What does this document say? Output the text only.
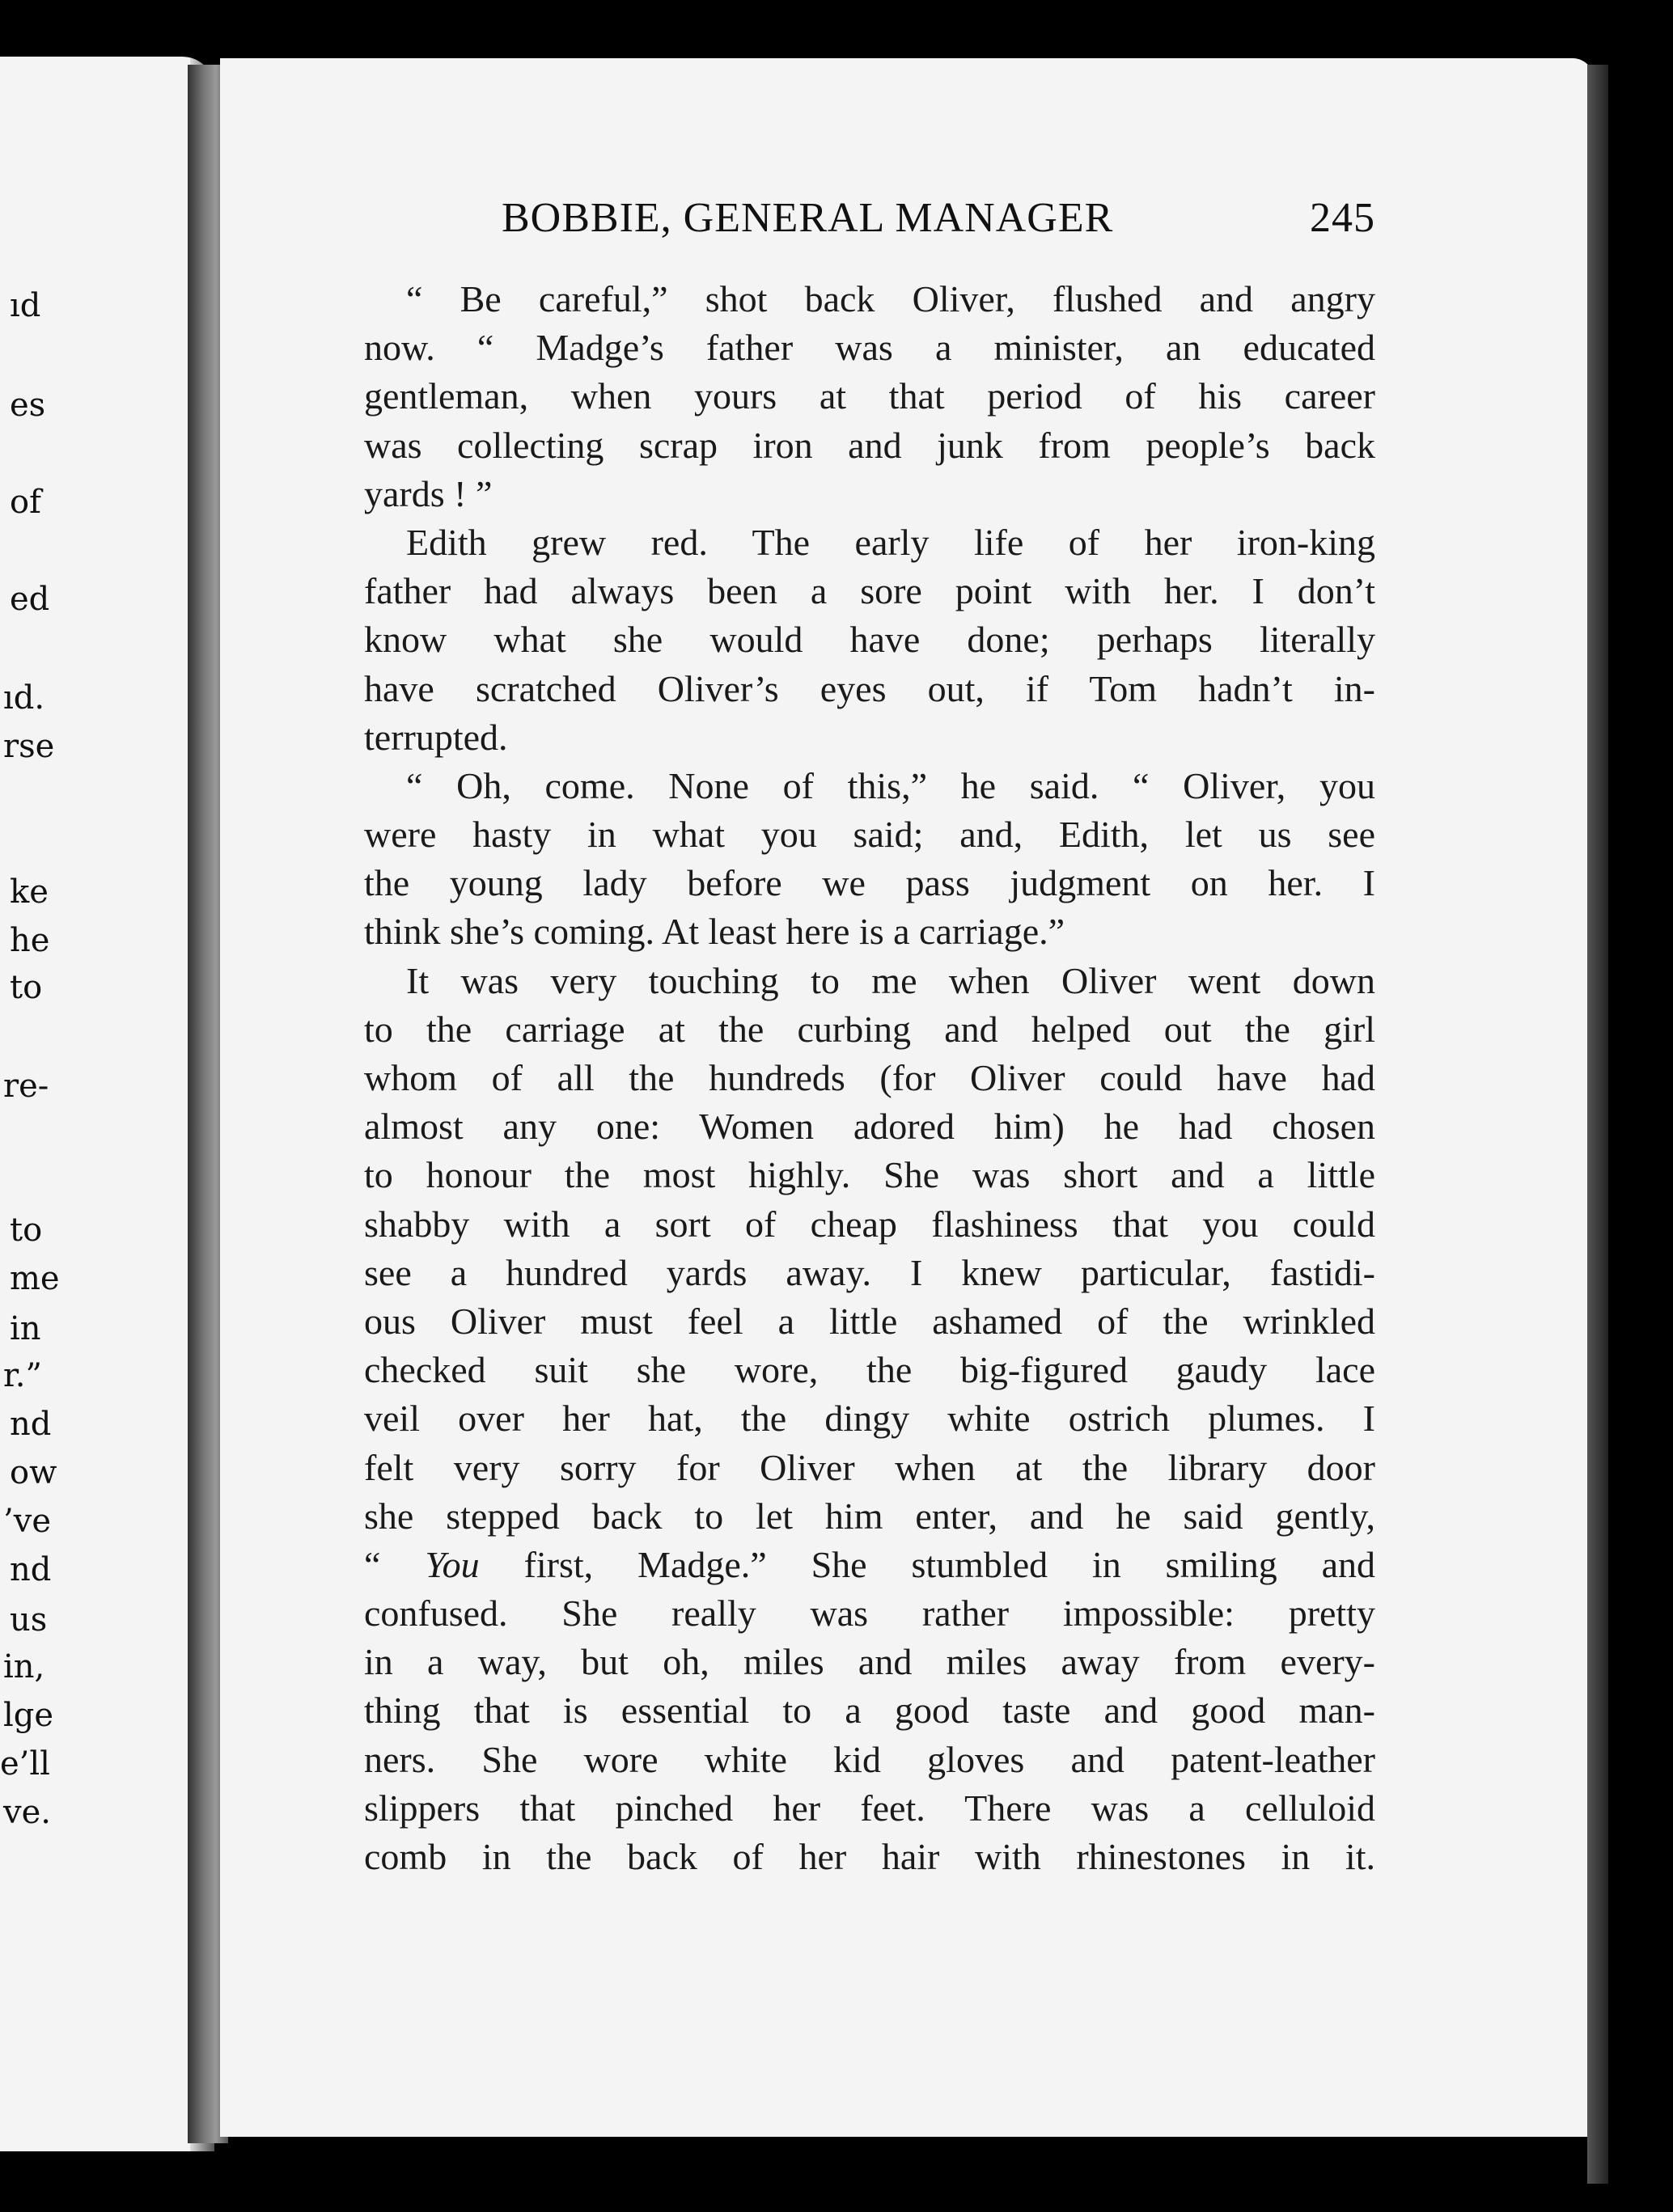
ıd
es
of
ed
ıd.
rse
ke
he
to
re-
to
me
in
r.”
nd
ow
’ve
nd
us
in,
lge
e’ll
ve.
BOBBIE, GENERAL MANAGER	245
“ Be careful,” shot back Oliver, flushed and angry
now. “ Madge’s father was a minister, an educated
gentleman, when yours at that period of his career
was collecting scrap iron and junk from people’s back
yards ! ”
Edith grew red. The early life of her iron-king
father had always been a sore point with her. I don’t
know what she would have done; perhaps literally
have scratched Oliver’s eyes out, if Tom hadn’t in-
terrupted.
“ Oh, come. None of this,” he said. “ Oliver, you
were hasty in what you said; and, Edith, let us see
the young lady before we pass judgment on her. I
think she’s coming. At least here is a carriage.”
It was very touching to me when Oliver went down
to the carriage at the curbing and helped out the girl
whom of all the hundreds (for Oliver could have had
almost any one: Women adored him) he had chosen
to honour the most highly. She was short and a little
shabby with a sort of cheap flashiness that you could
see a hundred yards away. I knew particular, fastidi-
ous Oliver must feel a little ashamed of the wrinkled
checked suit she wore, the big-figured gaudy lace
veil over her hat, the dingy white ostrich plumes. I
felt very sorry for Oliver when at the library door
she stepped back to let him enter, and he said gently,
“ You first, Madge.” She stumbled in smiling and
confused. She really was rather impossible: pretty
in a way, but oh, miles and miles away from every-
thing that is essential to a good taste and good man-
ners. She wore white kid gloves and patent-leather
slippers that pinched her feet. There was a celluloid
comb in the back of her hair with rhinestones in it.
